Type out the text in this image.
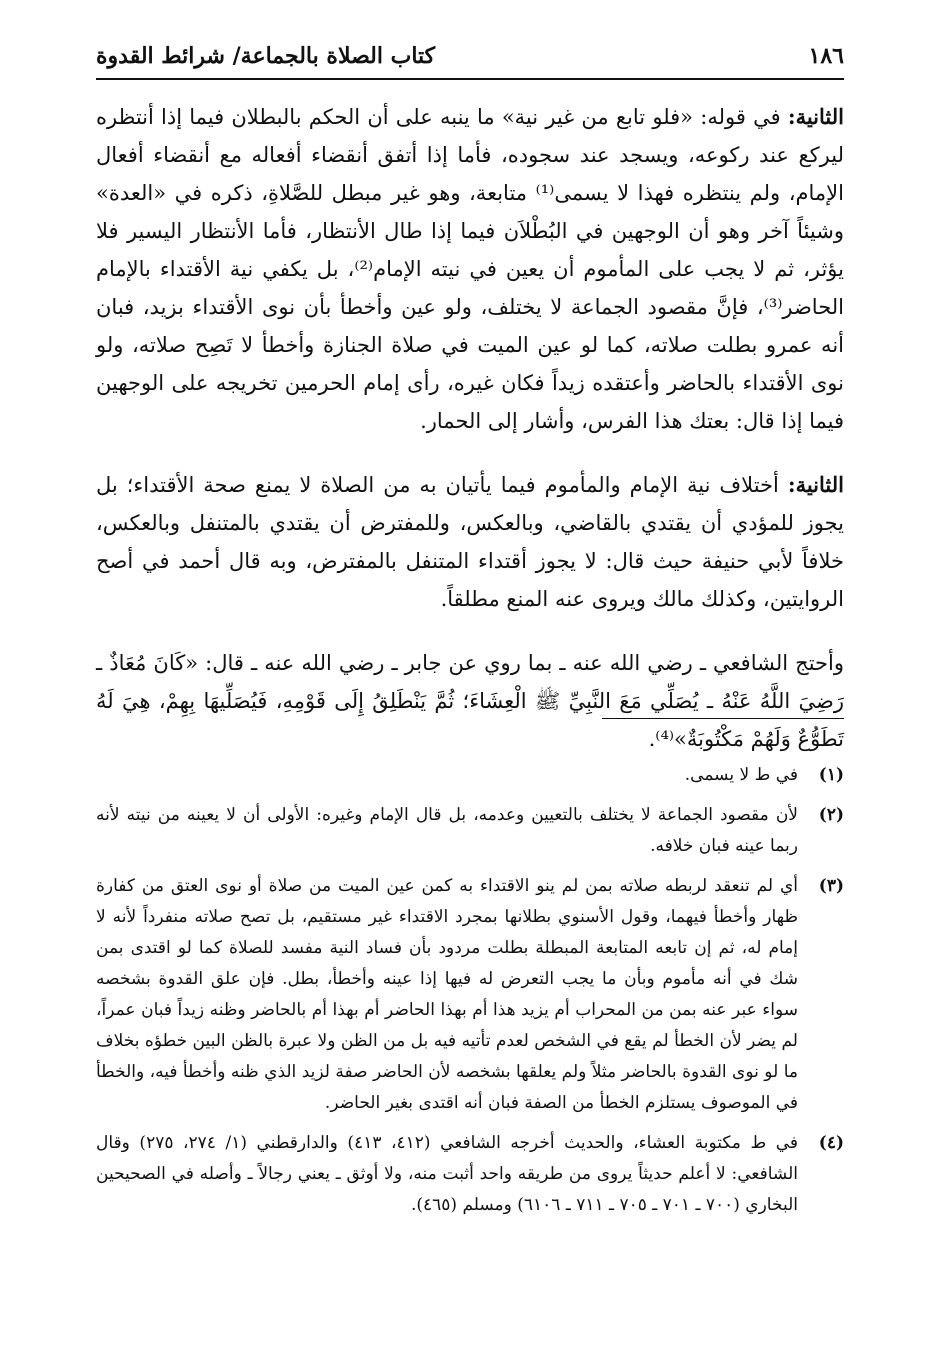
١٨٦
كتاب الصلاة بالجماعة/ شرائط القدوة

الثانية: في قوله: «فلو تابع من غير نية» ما ينبه على أن الحكم بالبطلان فيما إذا أنتظره ليركع عند ركوعه، ويسجد عند سجوده، فأما إذا أتفق أنقضاء أفعاله مع أنقضاء أفعال الإمام، ولم ينتظره فهذا لا يسمى⁽¹⁾ متابعة، وهو غير مبطل للصَّلاةِ، ذكره في «العدة» وشيئاً آخر وهو أن الوجهين في البُطْلاَن فيما إذا طال الأنتظار، فأما الأنتظار اليسير فلا يؤثر، ثم لا يجب على المأموم أن يعين في نيته الإمام⁽²⁾، بل يكفي نية الأقتداء بالإمام الحاضر⁽³⁾، فإنَّ مقصود الجماعة لا يختلف، ولو عين وأخطأ بأن نوى الأقتداء بزيد، فبان أنه عمرو بطلت صلاته، كما لو عين الميت في صلاة الجنازة وأخطأ لا تَصِح صلاته، ولو نوى الأقتداء بالحاضر وأعتقده زيداً فكان غيره، رأى إمام الحرمين تخريجه على الوجهين فيما إذا قال: بعتك هذا الفرس، وأشار إلى الحمار.

الثانية: أختلاف نية الإمام والمأموم فيما يأتيان به من الصلاة لا يمنع صحة الأقتداء؛ بل يجوز للمؤدي أن يقتدي بالقاضي، وبالعكس، وللمفترض أن يقتدي بالمتنفل وبالعكس، خلافاً لأبي حنيفة حيث قال: لا يجوز أقتداء المتنفل بالمفترض، وبه قال أحمد في أصح الروايتين، وكذلك مالك ويروى عنه المنع مطلقاً.

وأحتج الشافعي ـ رضي الله عنه ـ بما روي عن جابر ـ رضي الله عنه ـ قال: «كَانَ مُعَاذٌ ـ رَضِيَ اللَّهُ عَنْهُ ـ يُصَلِّي مَعَ النَّبِيِّ ﷺ الْعِشَاءَ؛ ثُمَّ يَنْطَلِقُ إِلَى قَوْمِهِ، فَيُصَلِّيهَا بِهِمْ، هِيَ لَهُ تَطَوُّعٌ وَلَهُمْ مَكْتُوبَةٌ»⁽⁴⁾.

(١)
في ط لا يسمى.
(٢)
لأن مقصود الجماعة لا يختلف بالتعيين وعدمه، بل قال الإمام وغيره: الأولى أن لا يعينه من نيته لأنه ربما عينه فبان خلافه.
(٣)
أي لم تنعقد لربطه صلاته بمن لم ينو الاقتداء به كمن عين الميت من صلاة أو نوى العتق من كفارة ظهار وأخطأ فيهما، وقول الأسنوي بطلانها بمجرد الاقتداء غير مستقيم، بل تصح صلاته منفرداً لأنه لا إمام له، ثم إن تابعه المتابعة المبطلة بطلت مردود بأن فساد النية مفسد للصلاة كما لو اقتدى بمن شك في أنه مأموم وبأن ما يجب التعرض له فيها إذا عينه وأخطأ، بطل. فإن علق القدوة بشخصه سواء عبر عنه بمن من المحراب أم يزيد هذا أم بهذا الحاضر أم بهذا أم بالحاضر وظنه زيداً فبان عمراً، لم يضر لأن الخطأ لم يقع في الشخص لعدم تأتيه فيه بل من الظن ولا عبرة بالظن البين خطؤه بخلاف ما لو نوى القدوة بالحاضر مثلاً ولم يعلقها بشخصه لأن الحاضر صفة لزيد الذي ظنه وأخطأ فيه، والخطأ في الموصوف يستلزم الخطأ من الصفة فبان أنه اقتدى بغير الحاضر.
(٤)
في ط مكتوبة العشاء، والحديث أخرجه الشافعي (٤١٢، ٤١٣) والدارقطني (١/ ٢٧٤، ٢٧٥) وقال الشافعي: لا أعلم حديثاً يروى من طريقه واحد أثبت منه، ولا أوثق ـ يعني رجالاً ـ وأصله في الصحيحين البخاري (٧٠٠ ـ ٧٠١ ـ ٧٠٥ ـ ٧١١ ـ ٦١٠٦) ومسلم (٤٦٥).
